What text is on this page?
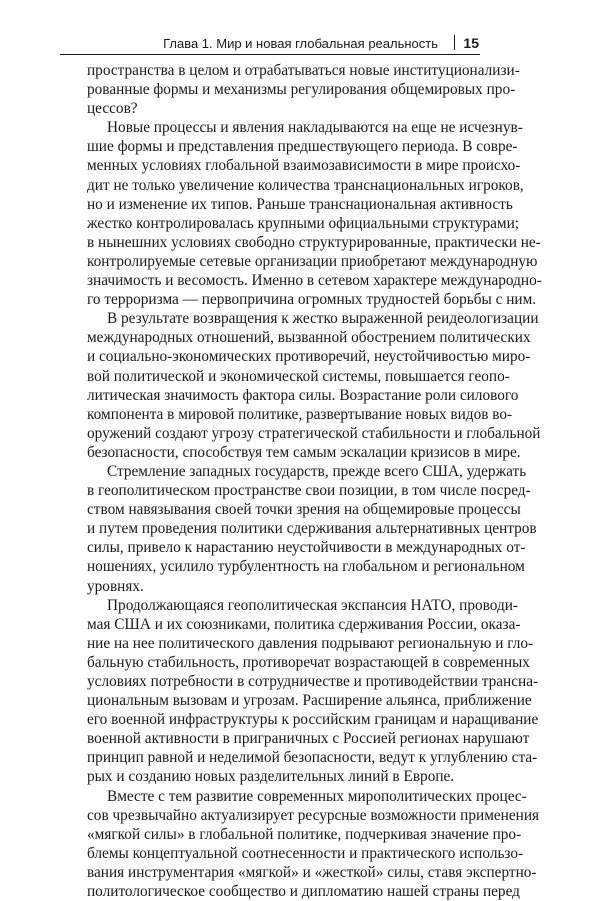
Глава 1. Мир и новая глобальная реальность 15
пространства в целом и отрабатываться новые институционализи-
рованные формы и механизмы регулирования общемировых про-
цессов?
Новые процессы и явления накладываются на еще не исчезнув-
шие формы и представления предшествующего периода. В совре-
менных условиях глобальной взаимозависимости в мире происхо-
дит не только увеличение количества транснациональных игроков,
но и изменение их типов. Раньше транснациональная активность
жестко контролировалась крупными официальными структурами;
в нынешних условиях свободно структурированные, практически не-
контролируемые сетевые организации приобретают международную
значимость и весомость. Именно в сетевом характере международно-
го терроризма — первопричина огромных трудностей борьбы с ним.
В результате возвращения к жестко выраженной реидеологизации
международных отношений, вызванной обострением политических
и социально-экономических противоречий, неустойчивостью миро-
вой политической и экономической системы, повышается геопо-
литическая значимость фактора силы. Возрастание роли силового
компонента в мировой политике, развертывание новых видов во-
оружений создают угрозу стратегической стабильности и глобальной
безопасности, способствуя тем самым эскалации кризисов в мире.
Стремление западных государств, прежде всего США, удержать
в геополитическом пространстве свои позиции, в том числе посред-
ством навязывания своей точки зрения на общемировые процессы
и путем проведения политики сдерживания альтернативных центров
силы, привело к нарастанию неустойчивости в международных от-
ношениях, усилило турбулентность на глобальном и региональном
уровнях.
Продолжающаяся геополитическая экспансия НАТО, проводи-
мая США и их союзниками, политика сдерживания России, оказа-
ние на нее политического давления подрывают региональную и гло-
бальную стабильность, противоречат возрастающей в современных
условиях потребности в сотрудничестве и противодействии трансна-
циональным вызовам и угрозам. Расширение альянса, приближение
его военной инфраструктуры к российским границам и наращивание
военной активности в приграничных с Россией регионах нарушают
принцип равной и неделимой безопасности, ведут к углублению ста-
рых и созданию новых разделительных линий в Европе.
Вместе с тем развитие современных мирополитических процес-
сов чрезвычайно актуализирует ресурсные возможности применения
«мягкой силы» в глобальной политике, подчеркивая значение про-
блемы концептуальной соотнесенности и практического использо-
вания инструментария «мягкой» и «жесткой» силы, ставя экспертно-
политологическое сообщество и дипломатию нашей страны перед
